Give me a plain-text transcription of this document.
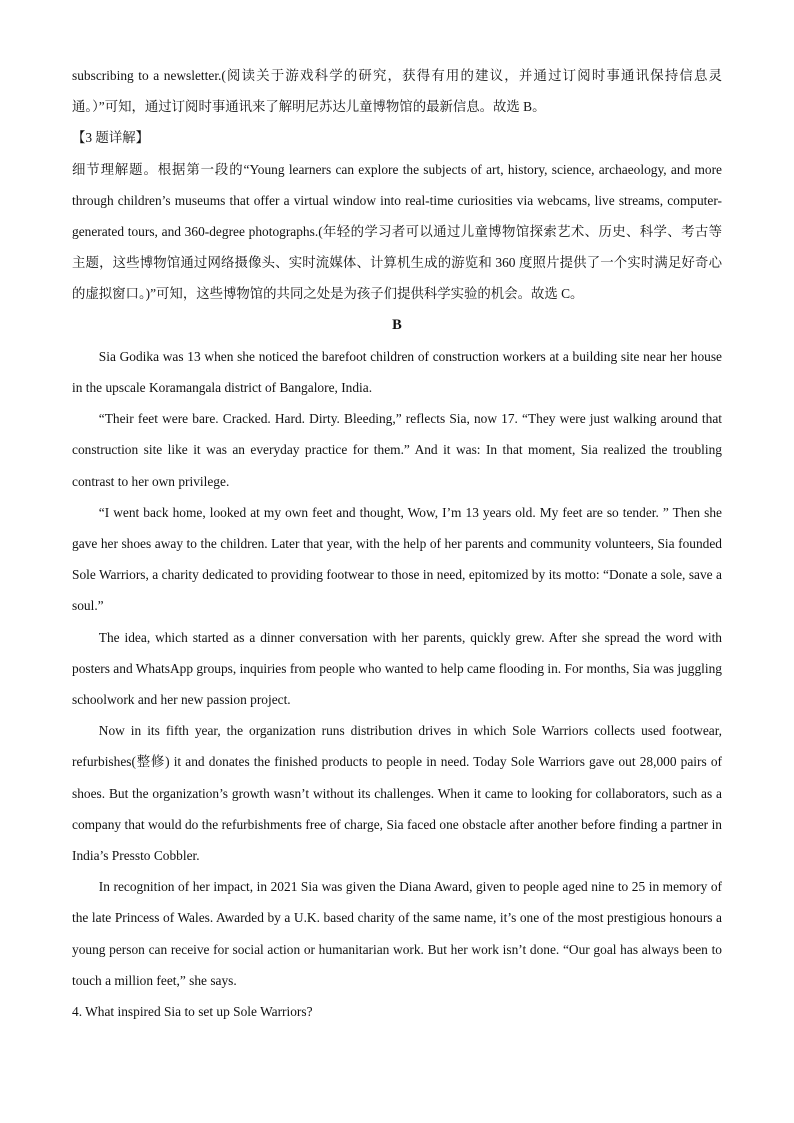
subscribing to a newsletter.(阅读关于游戏科学的研究，获得有用的建议，并通过订阅时事通讯保持信息灵通。）”可知，通过订阅时事通讯来了解明尼苏达儿童博物馆的最新信息。故选 B。

【3 题详解】

细节理解题。根据第一段的“Young learners can explore the subjects of art, history, science, archaeology, and more through children’s museums that offer a virtual window into real-time curiosities via webcams, live streams, computer-generated tours, and 360-degree photographs.(年轻的学习者可以通过儿童博物馆探索艺术、历史、科学、考古等主题，这些博物馆通过网络摄像头、实时流媒体、计算机生成的游览和 360 度照片提供了一个实时满足好奇心的虚拟窗口。)”可知，这些博物馆的共同之处是为孩子们提供科学实验的机会。故选 C。

B

Sia Godika was 13 when she noticed the barefoot children of construction workers at a building site near her house in the upscale Koramangala district of Bangalore, India.

“Their feet were bare. Cracked. Hard. Dirty. Bleeding,” reflects Sia, now 17. “They were just walking around that construction site like it was an everyday practice for them.” And it was: In that moment, Sia realized the troubling contrast to her own privilege.

“I went back home, looked at my own feet and thought, Wow, I’m 13 years old. My feet are so tender. ” Then she gave her shoes away to the children. Later that year, with the help of her parents and community volunteers, Sia founded Sole Warriors, a charity dedicated to providing footwear to those in need, epitomized by its motto: “Donate a sole, save a soul.”

The idea, which started as a dinner conversation with her parents, quickly grew. After she spread the word with posters and WhatsApp groups, inquiries from people who wanted to help came flooding in. For months, Sia was juggling schoolwork and her new passion project.

Now in its fifth year, the organization runs distribution drives in which Sole Warriors collects used footwear, refurbishes(整修) it and donates the finished products to people in need. Today Sole Warriors gave out 28,000 pairs of shoes. But the organization’s growth wasn’t without its challenges. When it came to looking for collaborators, such as a company that would do the refurbishments free of charge, Sia faced one obstacle after another before finding a partner in India’s Pressto Cobbler.

In recognition of her impact, in 2021 Sia was given the Diana Award, given to people aged nine to 25 in memory of the late Princess of Wales. Awarded by a U.K. based charity of the same name, it’s one of the most prestigious honours a young person can receive for social action or humanitarian work. But her work isn’t done. “Our goal has always been to touch a million feet,” she says.

4. What inspired Sia to set up Sole Warriors?
